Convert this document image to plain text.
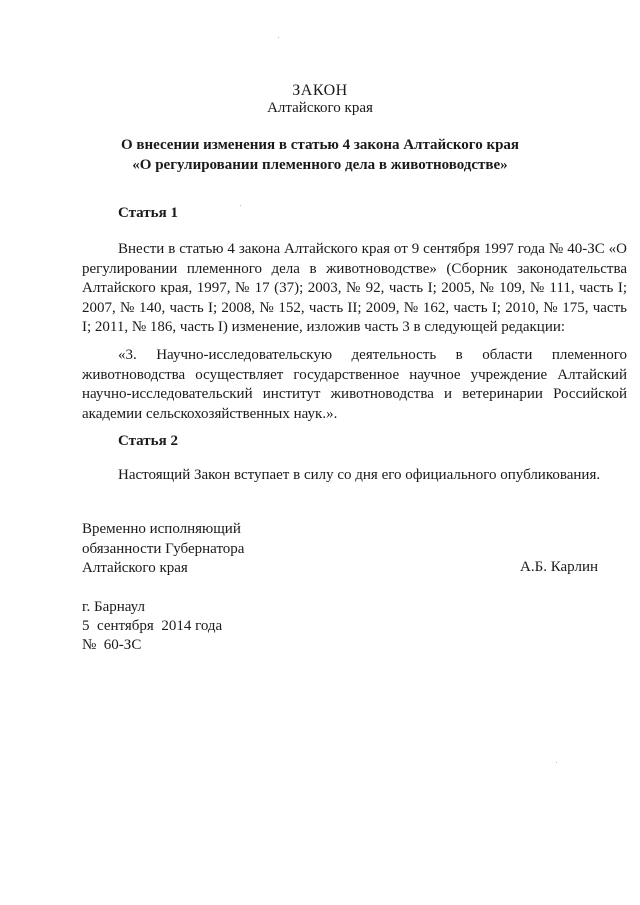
ЗАКОН
Алтайского края
О внесении изменения в статью 4 закона Алтайского края
«О регулировании племенного дела в животноводстве»
Статья 1

Внести в статью 4 закона Алтайского края от 9 сентября 1997 года № 40-ЗС «О регулировании племенного дела в животноводстве» (Сборник законодательства Алтайского края, 1997, № 17 (37); 2003, № 92, часть I; 2005, № 109, № 111, часть I; 2007, № 140, часть I; 2008, № 152, часть II; 2009, № 162, часть I; 2010, № 175, часть I; 2011, № 186, часть I) изменение, изложив часть 3 в следующей редакции:

«3. Научно-исследовательскую деятельность в области племенного животноводства осуществляет государственное научное учреждение Алтайский научно-исследовательский институт животноводства и ветеринарии Российской академии сельскохозяйственных наук.».

Статья 2
Настоящий Закон вступает в силу со дня его официального опубликования.
Временно исполняющий
обязанности Губернатора
Алтайского края	А.Б. Карлин
г. Барнаул
5  сентября  2014 года
№  60-ЗС
